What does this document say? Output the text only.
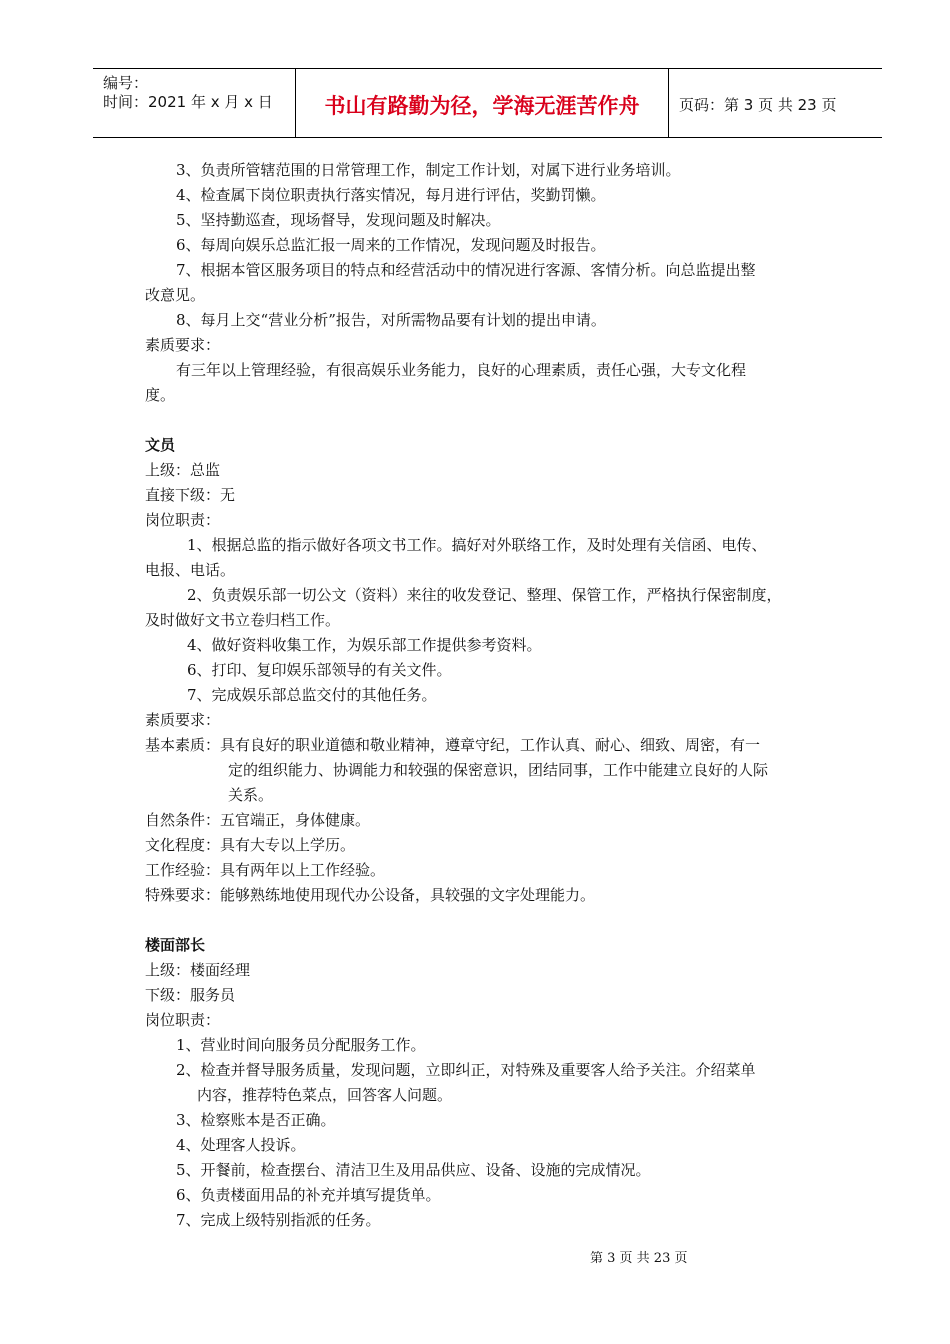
编号：
时间：2021 年 x 月 x 日	书山有路勤为径，学海无涯苦作舟	页码：第 3 页 共 23 页
3、负责所管辖范围的日常管理工作，制定工作计划，对属下进行业务培训。
4、检查属下岗位职责执行落实情况，每月进行评估，奖勤罚懒。
5、坚持勤巡查，现场督导，发现问题及时解决。
6、每周向娱乐总监汇报一周来的工作情况，发现问题及时报告。
7、根据本管区服务项目的特点和经营活动中的情况进行客源、客情分析。向总监提出整
改意见。
8、每月上交“营业分析”报告，对所需物品要有计划的提出申请。
素质要求：
有三年以上管理经验，有很高娱乐业务能力，良好的心理素质，责任心强，大专文化程
度。
文员
上级：总监
直接下级：无
岗位职责：
1、根据总监的指示做好各项文书工作。搞好对外联络工作，及时处理有关信函、电传、
电报、电话。
2、负责娱乐部一切公文（资料）来往的收发登记、整理、保管工作，严格执行保密制度，
及时做好文书立卷归档工作。
4、做好资料收集工作，为娱乐部工作提供参考资料。
6、打印、复印娱乐部领导的有关文件。
7、完成娱乐部总监交付的其他任务。
素质要求：
基本素质：具有良好的职业道德和敬业精神，遵章守纪，工作认真、耐心、细致、周密，有一
定的组织能力、协调能力和较强的保密意识，团结同事，工作中能建立良好的人际
关系。
自然条件：五官端正，身体健康。
文化程度：具有大专以上学历。
工作经验：具有两年以上工作经验。
特殊要求：能够熟练地使用现代办公设备，具较强的文字处理能力。
楼面部长
上级：楼面经理
下级：服务员
岗位职责：
1、营业时间向服务员分配服务工作。
2、检查并督导服务质量，发现问题，立即纠正，对特殊及重要客人给予关注。介绍菜单
内容，推荐特色菜点，回答客人问题。
3、检察账本是否正确。
4、处理客人投诉。
5、开餐前，检查摆台、清洁卫生及用品供应、设备、设施的完成情况。
6、负责楼面用品的补充并填写提货单。
7、完成上级特别指派的任务。
第 3 页 共 23 页
